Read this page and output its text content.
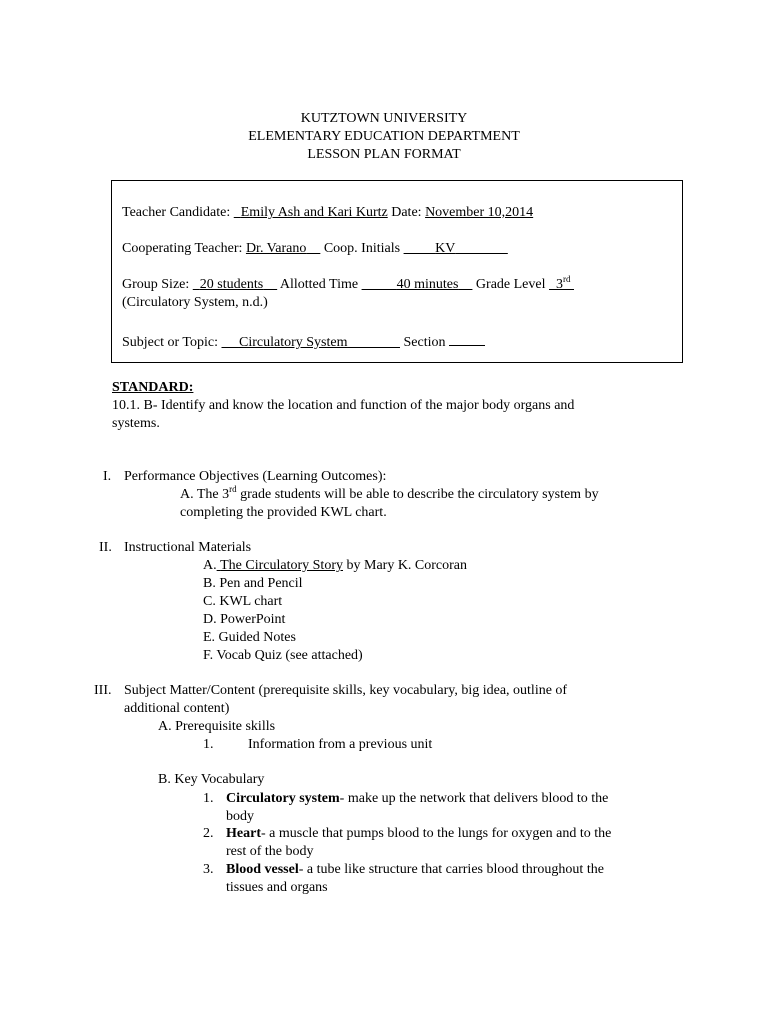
KUTZTOWN UNIVERSITY
ELEMENTARY EDUCATION DEPARTMENT
LESSON PLAN FORMAT
Teacher Candidate: Emily Ash and Kari Kurtz Date: November 10,2014
Cooperating Teacher: Dr. Varano Coop. Initials	KV
Group Size: 20 students Allotted Time	40 minutes Grade Level 3rd
(Circulatory System, n.d.)
Subject or Topic: Circulatory System	Section
STANDARD:
10.1. B- Identify and know the location and function of the major body organs and
systems.
I. Performance Objectives (Learning Outcomes):
A. The 3rd grade students will be able to describe the circulatory system by
completing the provided KWL chart.
II. Instructional Materials
A. The Circulatory Story by Mary K. Corcoran
B. Pen and Pencil
C. KWL chart
D. PowerPoint
E. Guided Notes
F. Vocab Quiz (see attached)
III. Subject Matter/Content (prerequisite skills, key vocabulary, big idea, outline of
additional content)
A. Prerequisite skills
1. Information from a previous unit
B. Key Vocabulary
1. Circulatory system- make up the network that delivers blood to the
body
2. Heart- a muscle that pumps blood to the lungs for oxygen and to the
rest of the body
3. Blood vessel- a tube like structure that carries blood throughout the
tissues and organs
